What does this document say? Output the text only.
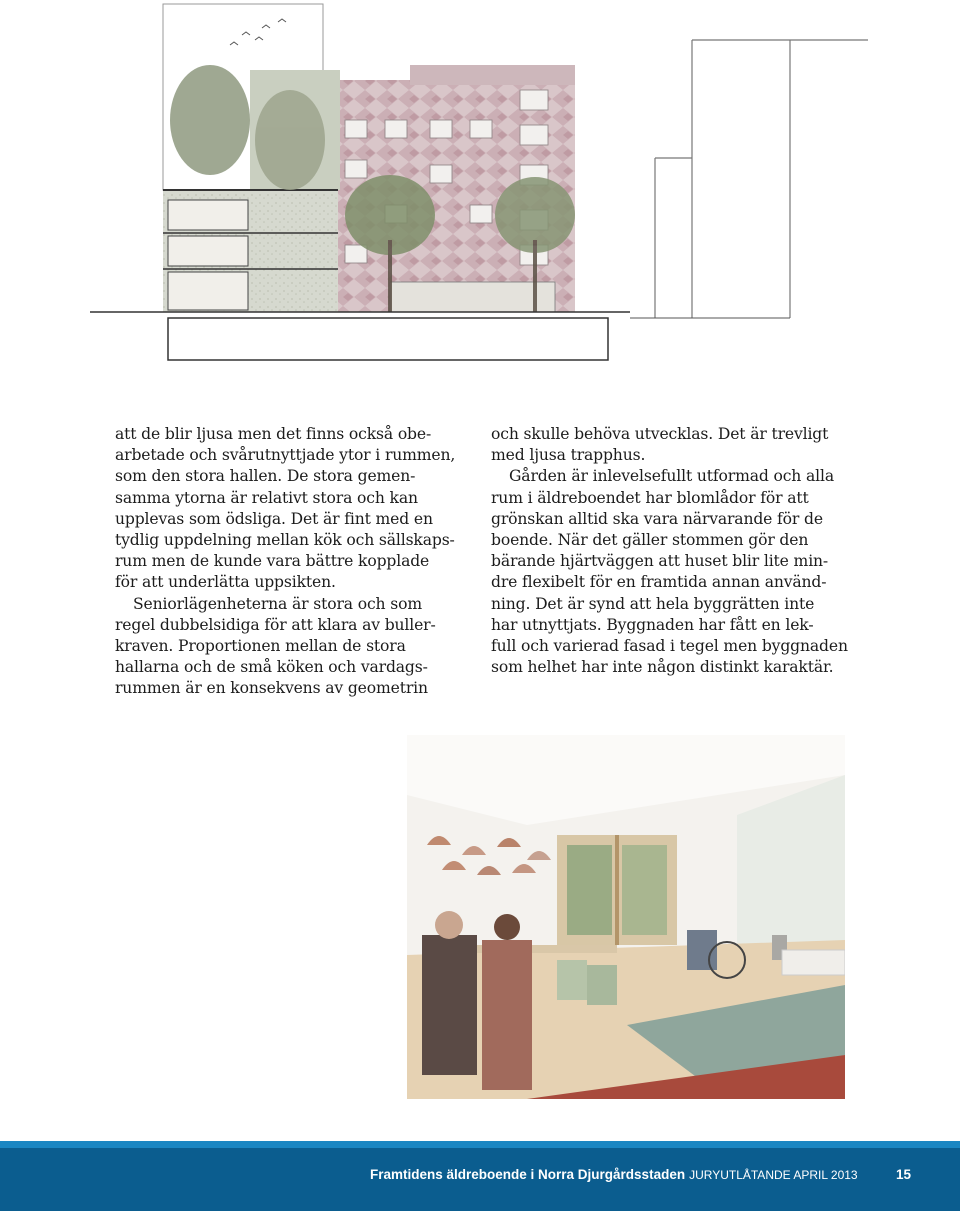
att de blir ljusa men det finns också obe-
arbetade och svårutnyttjade ytor i rummen,
som den stora hallen. De stora gemen-
samma ytorna är relativt stora och kan
upplevas som ödsliga. Det är fint med en
tydlig uppdelning mellan kök och sällskaps-
rum men de kunde vara bättre kopplade
för att underlätta uppsikten.

Seniorlägenheterna är stora och som
regel dubbelsidiga för att klara av buller-
kraven. Proportionen mellan de stora
hallarna och de små köken och vardags-
rummen är en konsekvens av geometrin

och skulle behöva utvecklas. Det är trevligt
med ljusa trapphus.

Gården är inlevelsefullt utformad och alla
rum i äldreboendet har blomlådor för att
grönskan alltid ska vara närvarande för de
boende. När det gäller stommen gör den
bärande hjärtväggen att huset blir lite min-
dre flexibelt för en framtida annan använd-
ning. Det är synd att hela byggrätten inte
har utnyttjats. Byggnaden har fått en lek-
full och varierad fasad i tegel men byggnaden
som helhet har inte någon distinkt karaktär.

Framtidens äldreboende i Norra Djurgårdsstaden JURYUTLÅTANDE APRIL 2013	15
